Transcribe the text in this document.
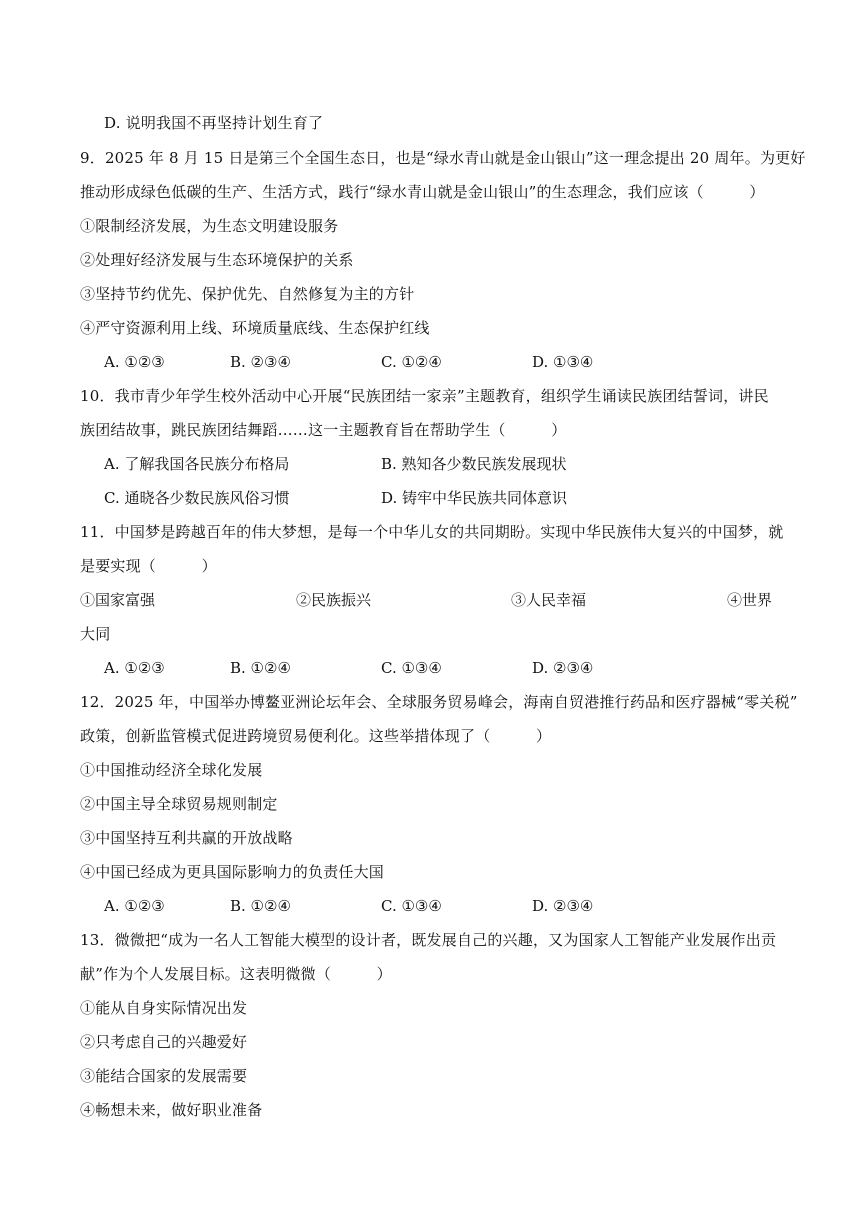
D. 说明我国不再坚持计划生育了
9．2025 年 8 月 15 日是第三个全国生态日，也是“绿水青山就是金山银山”这一理念提出 20 周年。为更好
推动形成绿色低碳的生产、生活方式，践行“绿水青山就是金山银山”的生态理念，我们应该（　　　）
①限制经济发展，为生态文明建设服务
②处理好经济发展与生态环境保护的关系
③坚持节约优先、保护优先、自然修复为主的方针
④严守资源利用上线、环境质量底线、生态保护红线
A. ①②③	B. ②③④	C. ①②④	D. ①③④
10．我市青少年学生校外活动中心开展“民族团结一家亲”主题教育，组织学生诵读民族团结誓词，讲民
族团结故事，跳民族团结舞蹈……这一主题教育旨在帮助学生（　　　）
A. 了解我国各民族分布格局	B. 熟知各少数民族发展现状
C. 通晓各少数民族风俗习惯	D. 铸牢中华民族共同体意识
11．中国梦是跨越百年的伟大梦想，是每一个中华儿女的共同期盼。实现中华民族伟大复兴的中国梦，就
是要实现（　　　）
①国家富强	②民族振兴	③人民幸福	④世界
大同
A. ①②③	B. ①②④	C. ①③④	D. ②③④
12．2025 年，中国举办博鳌亚洲论坛年会、全球服务贸易峰会，海南自贸港推行药品和医疗器械“零关税”
政策，创新监管模式促进跨境贸易便利化。这些举措体现了（　　　）
①中国推动经济全球化发展
②中国主导全球贸易规则制定
③中国坚持互利共赢的开放战略
④中国已经成为更具国际影响力的负责任大国
A. ①②③	B. ①②④	C. ①③④	D. ②③④
13．微微把“成为一名人工智能大模型的设计者，既发展自己的兴趣，又为国家人工智能产业发展作出贡
献”作为个人发展目标。这表明微微（　　　）
①能从自身实际情况出发
②只考虑自己的兴趣爱好
③能结合国家的发展需要
④畅想未来，做好职业准备
